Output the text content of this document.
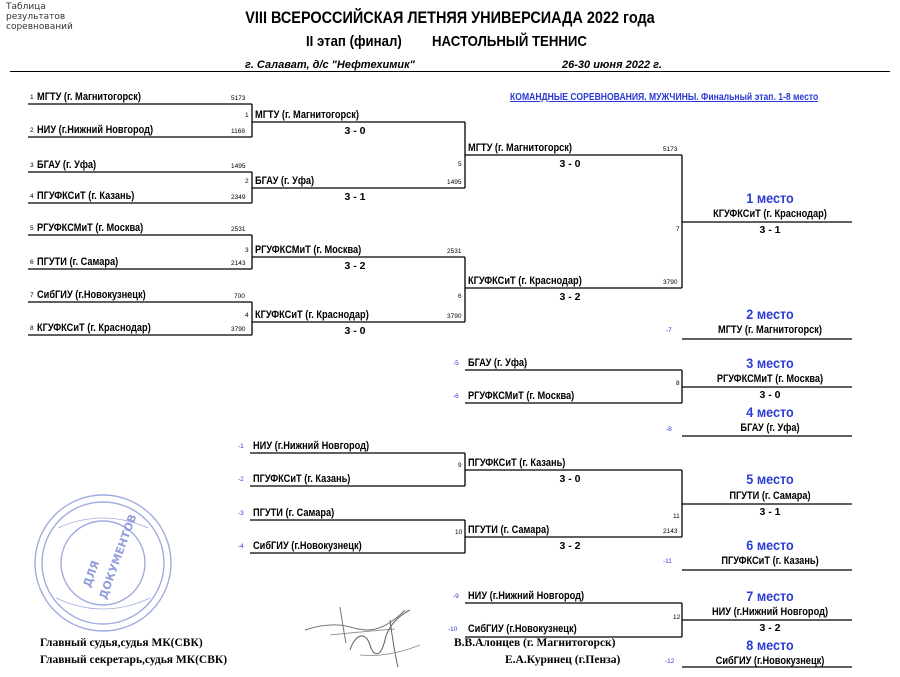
Таблица
результатов
соревнований	VIII ВСЕРОССИЙСКАЯ ЛЕТНЯЯ УНИВЕРСИАДА 2022 года
II этап (финал) НАСТОЛЬНЫЙ ТЕННИС
г. Салават, д/с "Нефтехимик"	26-30 июня 2022 г.
КОМАНДНЫЕ СОРЕВНОВАНИЯ. МУЖЧИНЫ. Финальный этап. 1-8 место
1 МГТУ (г. Магнитогорск)	5173
2 НИУ (г.Нижний Новгород)	1168
3 БГАУ (г. Уфа)	1495
4 ПГУФКСиТ (г. Казань)	2349
5 РГУФКСМиТ (г. Москва)	2531
6 ПГУТИ (г. Самара)	2143
7 СибГИУ (г.Новокузнецк)	700
8 КГУФКСиТ (г. Краснодар)	3790
1 МГТУ (г. Магнитогорск)
3 - 0
2 БГАУ (г. Уфа)	1495
3 - 1
3 РГУФКСМиТ (г. Москва)	2531
3 - 2
4 КГУФКСиТ (г. Краснодар)	3790
3 - 0
5
МГТУ (г. Магнитогорск)	5173
3 - 0
6
КГУФКСиТ (г. Краснодар)	3790
3 - 2
7
1 место
КГУФКСиТ (г. Краснодар)
3 - 1
-7
2 место
МГТУ (г. Магнитогорск)
-5 БГАУ (г. Уфа)
-6 РГУФКСМиТ (г. Москва)
8
3 место
РГУФКСМиТ (г. Москва)
3 - 0
-8
4 место
БГАУ (г. Уфа)
-1 НИУ (г.Нижний Новгород)
-2 ПГУФКСиТ (г. Казань)
-3 ПГУТИ (г. Самара)
-4 СибГИУ (г.Новокузнецк)
9 ПГУФКСиТ (г. Казань)
3 - 0
10 ПГУТИ (г. Самара)	2143
3 - 2
11
5 место
ПГУТИ (г. Самара)
3 - 1
-11
6 место
ПГУФКСиТ (г. Казань)
-9 НИУ (г.Нижний Новгород)
-10 СибГИУ (г.Новокузнецк)
12
7 место
НИУ (г.Нижний Новгород)
3 - 2
-12
8 место
СибГИУ (г.Новокузнецк)
ДЛЯ
ДОКУМЕНТОВ
Главный судья,судья МК(СВК)	В.В.Алонцев (г. Магнитогорск)
Главный секретарь,судья МК(СВК)	Е.А.Куринец (г.Пенза)
